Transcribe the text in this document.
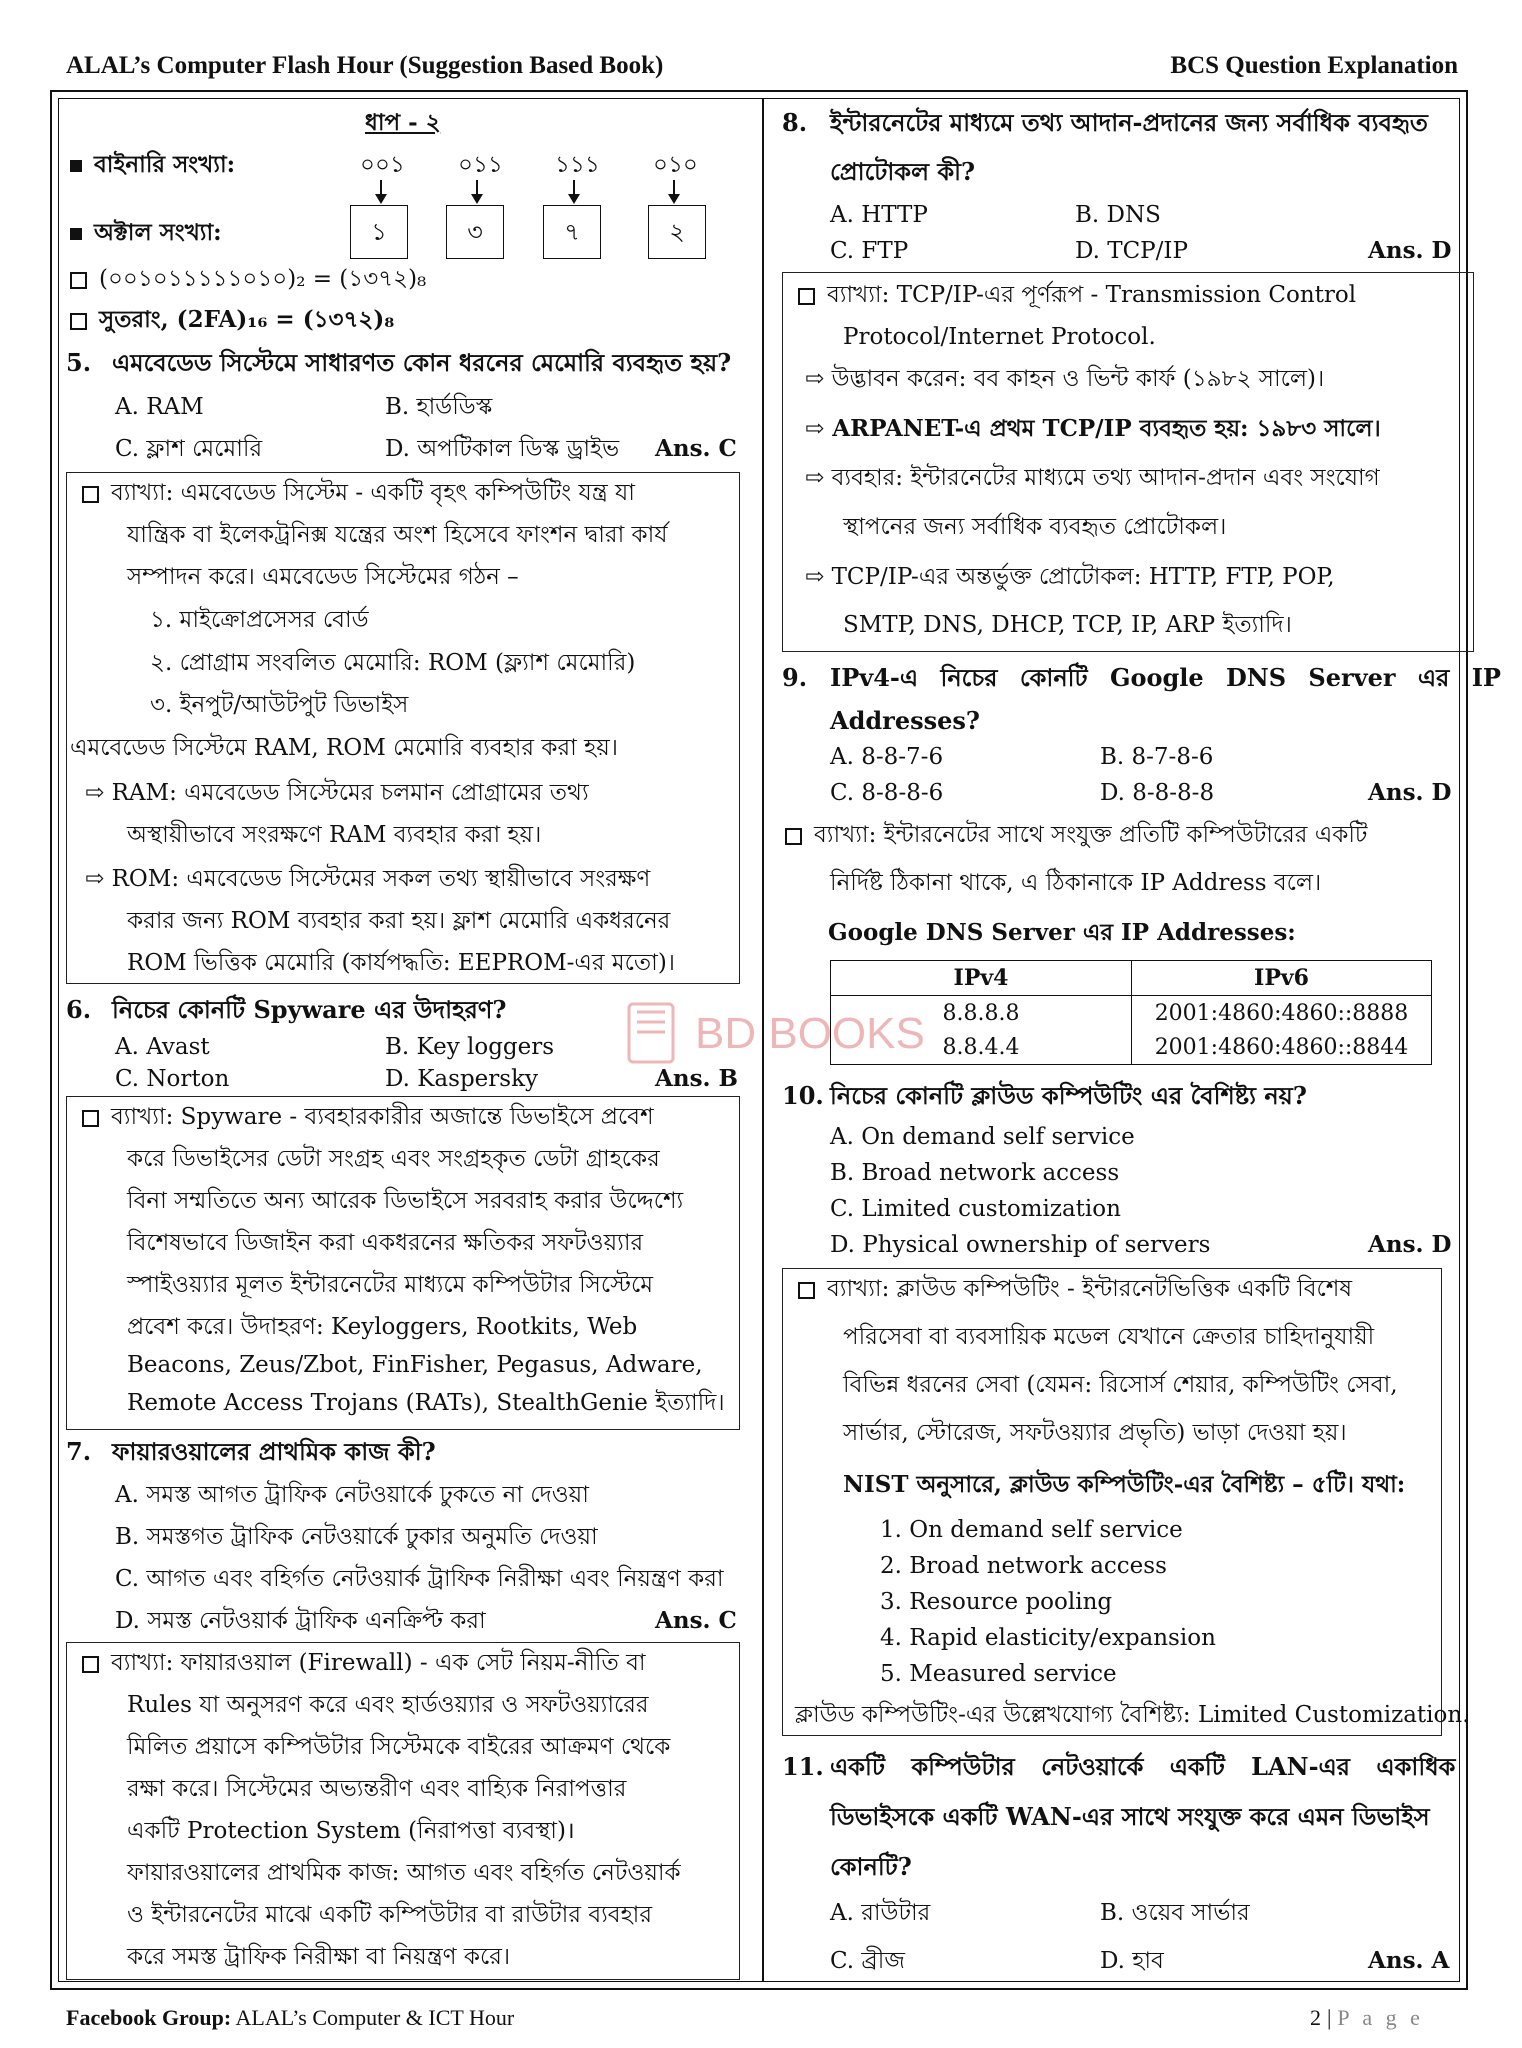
ALAL’s Computer Flash Hour (Suggestion Based Book)	BCS Question Explanation
ধাপ - ২
বাইনারি সংখ্যা:	০০১ ০১১ ১১১ ০১০
অক্টাল সংখ্যা:	১	৩	৭	২
(০০১০১১১১১০১০)₂ = (১৩৭২)₈
সুতরাং, (2FA)₁₆ = (১৩৭২)₈
5. এমবেডেড সিস্টেমে সাধারণত কোন ধরনের মেমোরি ব্যবহৃত হয়?
A. RAM	B. হার্ডডিস্ক
C. ফ্লাশ মেমোরি	D. অপটিকাল ডিস্ক ড্রাইভ Ans. C
ব্যাখ্যা: এমবেডেড সিস্টেম - একটি বৃহৎ কম্পিউটিং যন্ত্র যা
যান্ত্রিক বা ইলেকট্রনিক্স যন্ত্রের অংশ হিসেবে ফাংশন দ্বারা কার্য
সম্পাদন করে। এমবেডেড সিস্টেমের গঠন –
১. মাইক্রোপ্রসেসর বোর্ড
২. প্রোগ্রাম সংবলিত মেমোরি: ROM (ফ্ল্যাশ মেমোরি)
৩. ইনপুট/আউটপুট ডিভাইস
এমবেডেড সিস্টেমে RAM, ROM মেমোরি ব্যবহার করা হয়।
⇨ RAM: এমবেডেড সিস্টেমের চলমান প্রোগ্রামের তথ্য
অস্থায়ীভাবে সংরক্ষণে RAM ব্যবহার করা হয়।
⇨ ROM: এমবেডেড সিস্টেমের সকল তথ্য স্থায়ীভাবে সংরক্ষণ
করার জন্য ROM ব্যবহার করা হয়। ফ্লাশ মেমোরি একধরনের
ROM ভিত্তিক মেমোরি (কার্যপদ্ধতি: EEPROM-এর মতো)।
6. নিচের কোনটি Spyware এর উদাহরণ?
A. Avast	B. Key loggers
C. Norton	D. Kaspersky	Ans. B
ব্যাখ্যা: Spyware - ব্যবহারকারীর অজান্তে ডিভাইসে প্রবেশ
করে ডিভাইসের ডেটা সংগ্রহ এবং সংগ্রহকৃত ডেটা গ্রাহকের
বিনা সম্মতিতে অন্য আরেক ডিভাইসে সরবরাহ করার উদ্দেশ্যে
বিশেষভাবে ডিজাইন করা একধরনের ক্ষতিকর সফটওয়্যার
স্পাইওয়্যার মূলত ইন্টারনেটের মাধ্যমে কম্পিউটার সিস্টেমে
প্রবেশ করে। উদাহরণ: Keyloggers, Rootkits, Web
Beacons, Zeus/Zbot, FinFisher, Pegasus, Adware,
Remote Access Trojans (RATs), StealthGenie ইত্যাদি।
7. ফায়ারওয়ালের প্রাথমিক কাজ কী?
A. সমস্ত আগত ট্রাফিক নেটওয়ার্কে ঢুকতে না দেওয়া
B. সমস্তগত ট্রাফিক নেটওয়ার্কে ঢুকার অনুমতি দেওয়া
C. আগত এবং বহির্গত নেটওয়ার্ক ট্রাফিক নিরীক্ষা এবং নিয়ন্ত্রণ করা
D. সমস্ত নেটওয়ার্ক ট্রাফিক এনক্রিপ্ট করা	Ans. C
ব্যাখ্যা: ফায়ারওয়াল (Firewall) - এক সেট নিয়ম-নীতি বা
Rules যা অনুসরণ করে এবং হার্ডওয়্যার ও সফটওয়্যারের
মিলিত প্রয়াসে কম্পিউটার সিস্টেমকে বাইরের আক্রমণ থেকে
রক্ষা করে। সিস্টেমের অভ্যন্তরীণ এবং বাহ্যিক নিরাপত্তার
একটি Protection System (নিরাপত্তা ব্যবস্থা)।
ফায়ারওয়ালের প্রাথমিক কাজ: আগত এবং বহির্গত নেটওয়ার্ক
ও ইন্টারনেটের মাঝে একটি কম্পিউটার বা রাউটার ব্যবহার
করে সমস্ত ট্রাফিক নিরীক্ষা বা নিয়ন্ত্রণ করে।
8. ইন্টারনেটের মাধ্যমে তথ্য আদান-প্রদানের জন্য সর্বাধিক ব্যবহৃত
প্রোটোকল কী?
A. HTTP	B. DNS
C. FTP	D. TCP/IP	Ans. D
ব্যাখ্যা: TCP/IP-এর পূর্ণরূপ - Transmission Control
Protocol/Internet Protocol.
⇨ উদ্ভাবন করেন: বব কাহন ও ভিন্ট কার্ফ (১৯৮২ সালে)।
⇨ ARPANET-এ প্রথম TCP/IP ব্যবহৃত হয়: ১৯৮৩ সালে।
⇨ ব্যবহার: ইন্টারনেটের মাধ্যমে তথ্য আদান-প্রদান এবং সংযোগ
স্থাপনের জন্য সর্বাধিক ব্যবহৃত প্রোটোকল।
⇨ TCP/IP-এর অন্তর্ভুক্ত প্রোটোকল: HTTP, FTP, POP,
SMTP, DNS, DHCP, TCP, IP, ARP ইত্যাদি।
9. IPv4-এ নিচের কোনটি Google DNS Server এর IP
Addresses?
A. 8-8-7-6	B. 8-7-8-6
C. 8-8-8-6	D. 8-8-8-8	Ans. D
ব্যাখ্যা: ইন্টারনেটের সাথে সংযুক্ত প্রতিটি কম্পিউটারের একটি
নির্দিষ্ট ঠিকানা থাকে, এ ঠিকানাকে IP Address বলে।
Google DNS Server এর IP Addresses:
IPv4	IPv6
8.8.8.8	2001:4860:4860::8888
8.8.4.4	2001:4860:4860::8844
10. নিচের কোনটি ক্লাউড কম্পিউটিং এর বৈশিষ্ট্য নয়?
A. On demand self service
B. Broad network access
C. Limited customization
D. Physical ownership of servers	Ans. D
ব্যাখ্যা: ক্লাউড কম্পিউটিং - ইন্টারনেটভিত্তিক একটি বিশেষ
পরিসেবা বা ব্যবসায়িক মডেল যেখানে ক্রেতার চাহিদানুযায়ী
বিভিন্ন ধরনের সেবা (যেমন: রিসোর্স শেয়ার, কম্পিউটিং সেবা,
সার্ভার, স্টোরেজ, সফটওয়্যার প্রভৃতি) ভাড়া দেওয়া হয়।
NIST অনুসারে, ক্লাউড কম্পিউটিং-এর বৈশিষ্ট্য – ৫টি। যথা:
1. On demand self service
2. Broad network access
3. Resource pooling
4. Rapid elasticity/expansion
5. Measured service
ক্লাউড কম্পিউটিং-এর উল্লেখযোগ্য বৈশিষ্ট্য: Limited Customization.
11. একটি কম্পিউটার নেটওয়ার্কে একটি LAN-এর একাধিক
ডিভাইসকে একটি WAN-এর সাথে সংযুক্ত করে এমন ডিভাইস
কোনটি?
A. রাউটার	B. ওয়েব সার্ভার
C. ব্রীজ	D. হাব	Ans. A
BD BOOKS
Facebook Group: ALAL’s Computer & ICT Hour	2 | P a g e
